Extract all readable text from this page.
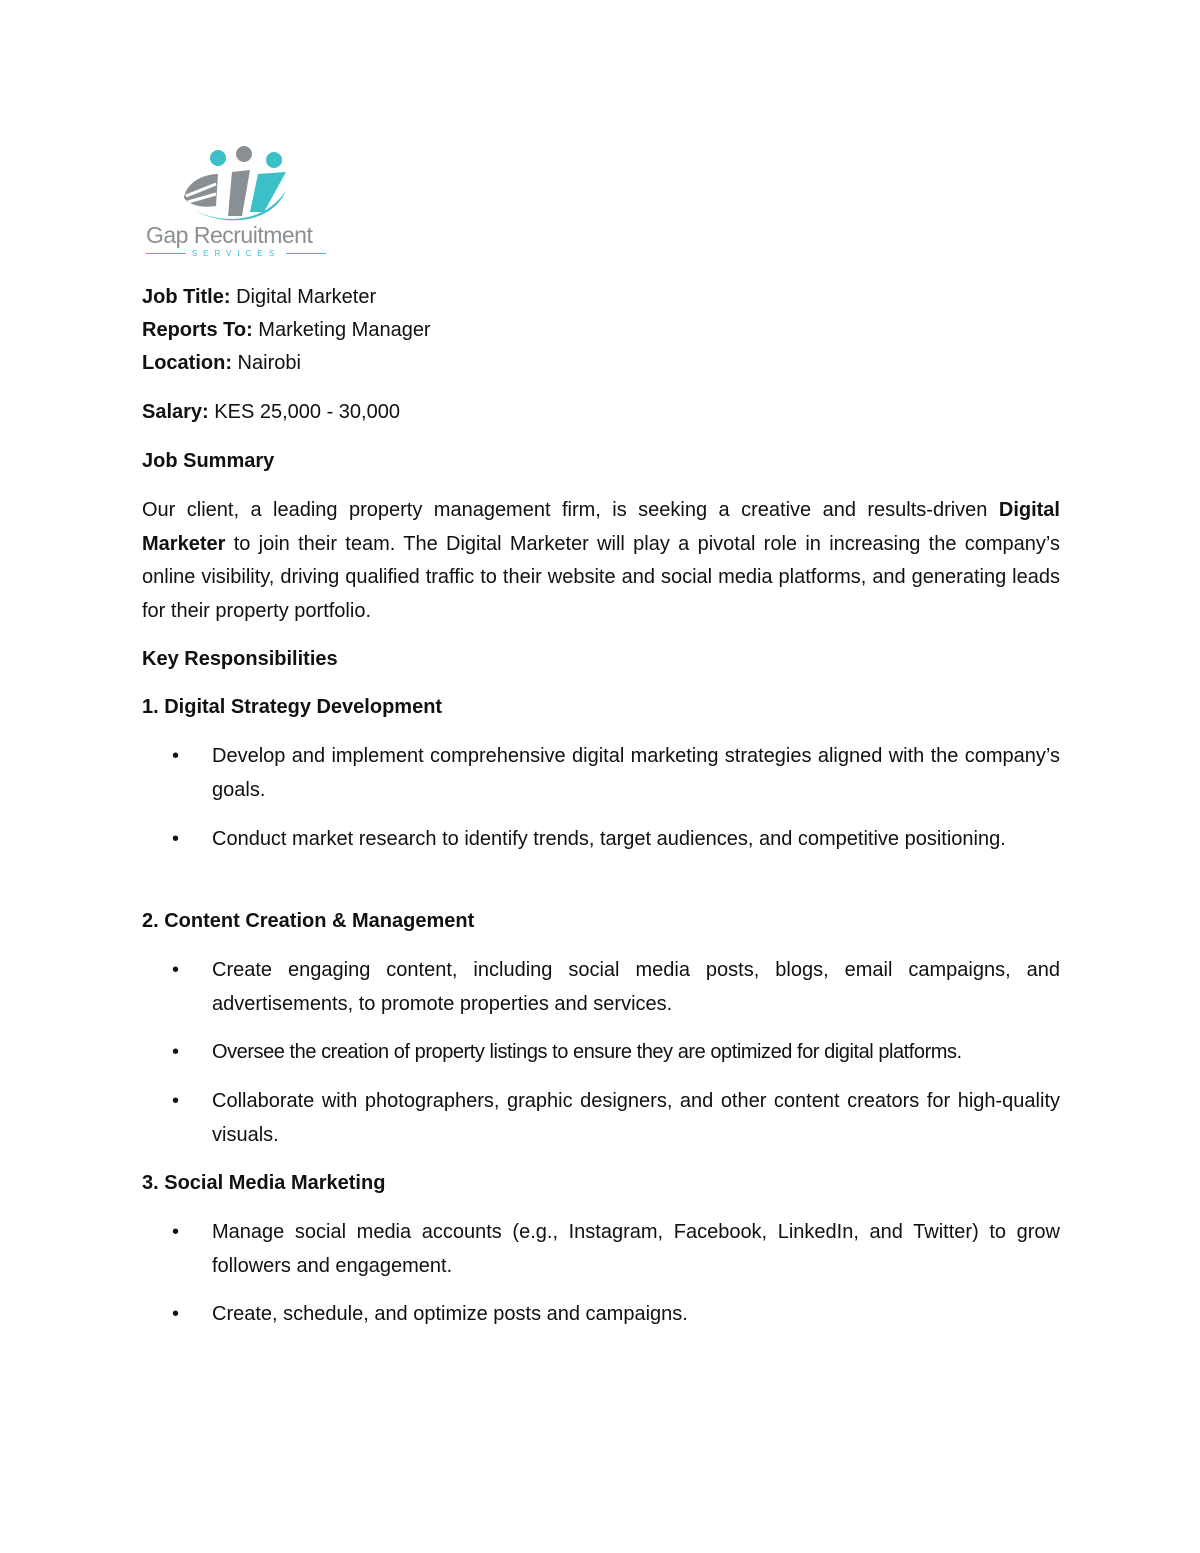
Gap Recruitment
SERVICES
Job Title: Digital Marketer
Reports To: Marketing Manager
Location: Nairobi
Salary: KES 25,000 - 30,000
Job Summary
Our client, a leading property management firm, is seeking a creative and results-driven Digital Marketer to join their team. The Digital Marketer will play a pivotal role in increasing the company’s online visibility, driving qualified traffic to their website and social media platforms, and generating leads for their property portfolio.
Key Responsibilities
1. Digital Strategy Development
• Develop and implement comprehensive digital marketing strategies aligned with the company’s goals.
• Conduct market research to identify trends, target audiences, and competitive positioning.
2. Content Creation & Management
• Create engaging content, including social media posts, blogs, email campaigns, and advertisements, to promote properties and services.
• Oversee the creation of property listings to ensure they are optimized for digital platforms.
• Collaborate with photographers, graphic designers, and other content creators for high-quality visuals.
3. Social Media Marketing
• Manage social media accounts (e.g., Instagram, Facebook, LinkedIn, and Twitter) to grow followers and engagement.
• Create, schedule, and optimize posts and campaigns.
